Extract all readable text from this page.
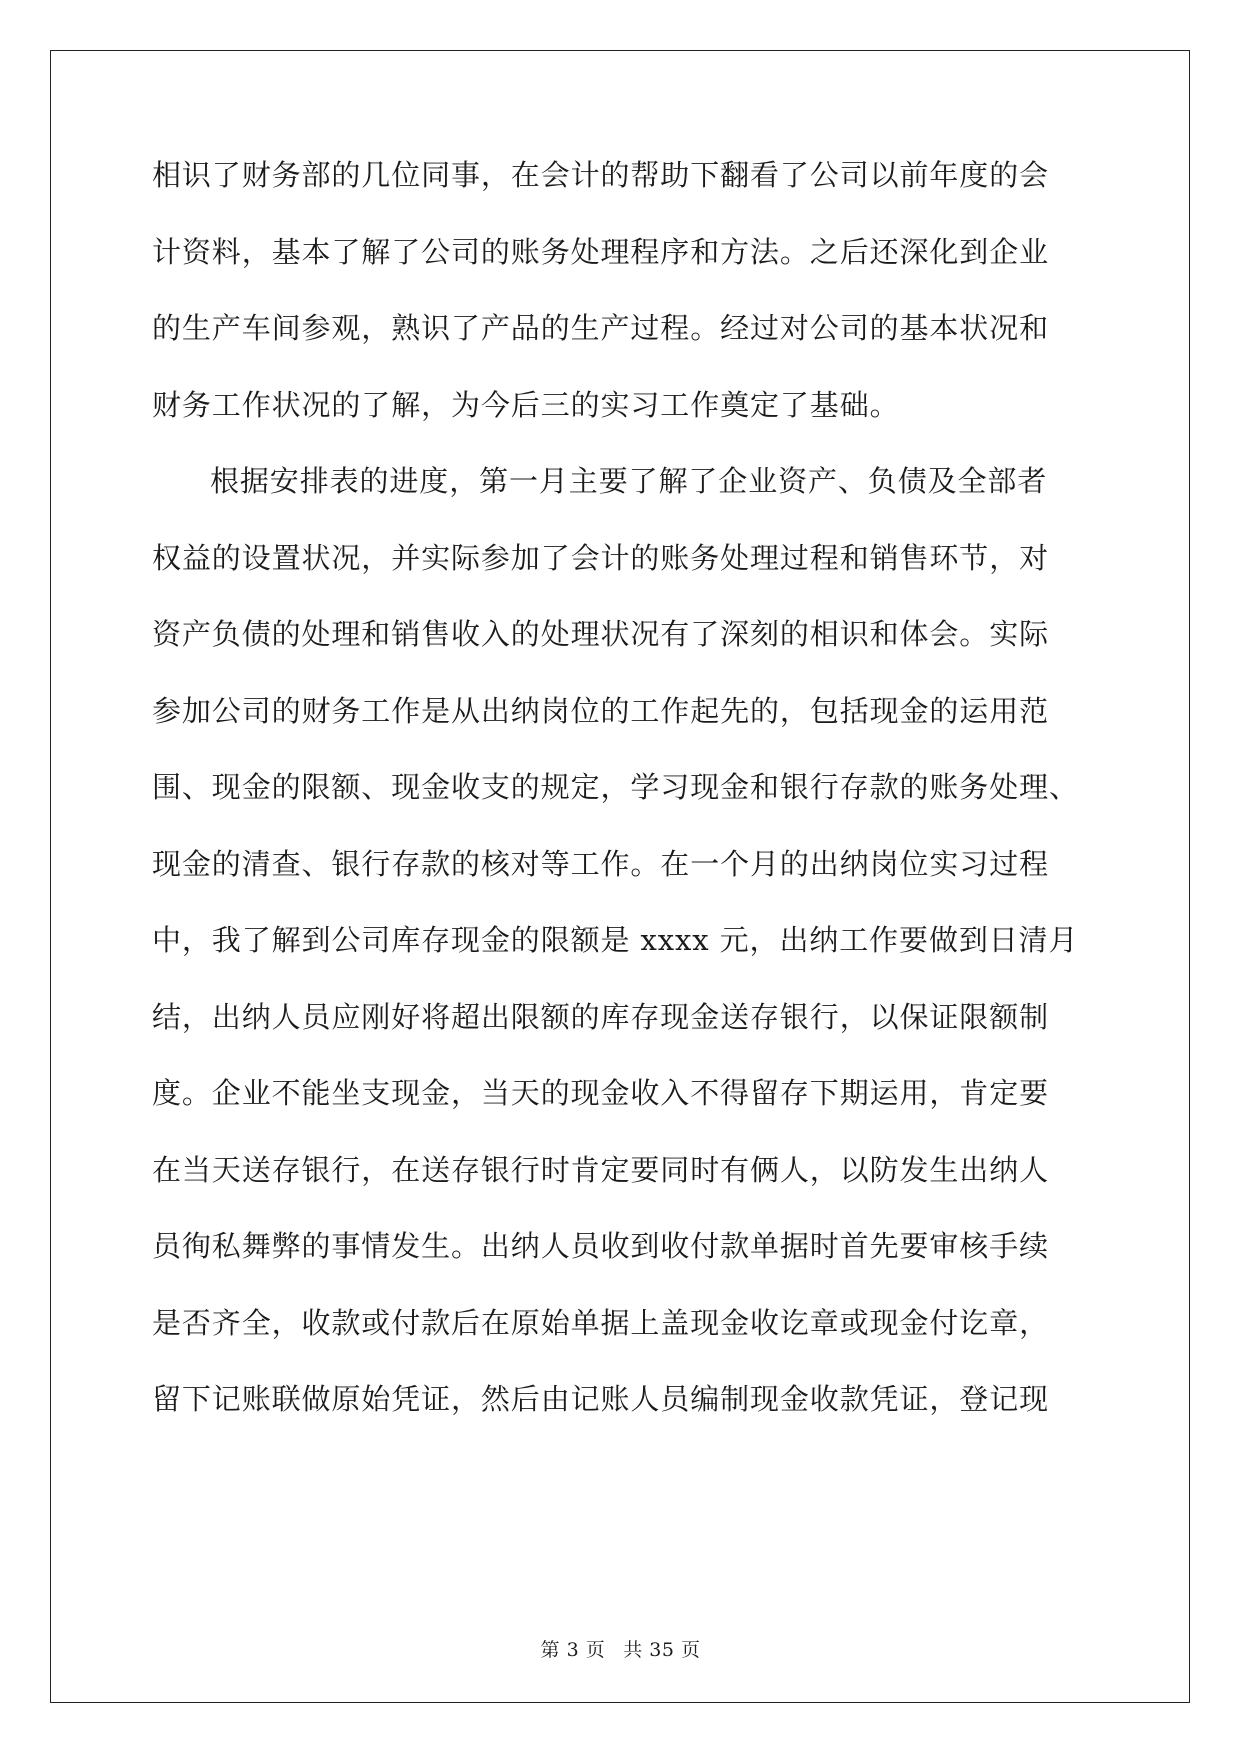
相识了财务部的几位同事，在会计的帮助下翻看了公司以前年度的会
计资料，基本了解了公司的账务处理程序和方法。之后还深化到企业
的生产车间参观，熟识了产品的生产过程。经过对公司的基本状况和
财务工作状况的了解，为今后三的实习工作奠定了基础。
根据安排表的进度，第一月主要了解了企业资产、负债及全部者
权益的设置状况，并实际参加了会计的账务处理过程和销售环节，对
资产负债的处理和销售收入的处理状况有了深刻的相识和体会。实际
参加公司的财务工作是从出纳岗位的工作起先的，包括现金的运用范
围、现金的限额、现金收支的规定，学习现金和银行存款的账务处理、
现金的清查、银行存款的核对等工作。在一个月的出纳岗位实习过程
中，我了解到公司库存现金的限额是 xxxx 元，出纳工作要做到日清月
结，出纳人员应刚好将超出限额的库存现金送存银行，以保证限额制
度。企业不能坐支现金，当天的现金收入不得留存下期运用，肯定要
在当天送存银行，在送存银行时肯定要同时有俩人，以防发生出纳人
员徇私舞弊的事情发生。出纳人员收到收付款单据时首先要审核手续
是否齐全，收款或付款后在原始单据上盖现金收讫章或现金付讫章，
留下记账联做原始凭证，然后由记账人员编制现金收款凭证，登记现
第 3 页 共 35 页
